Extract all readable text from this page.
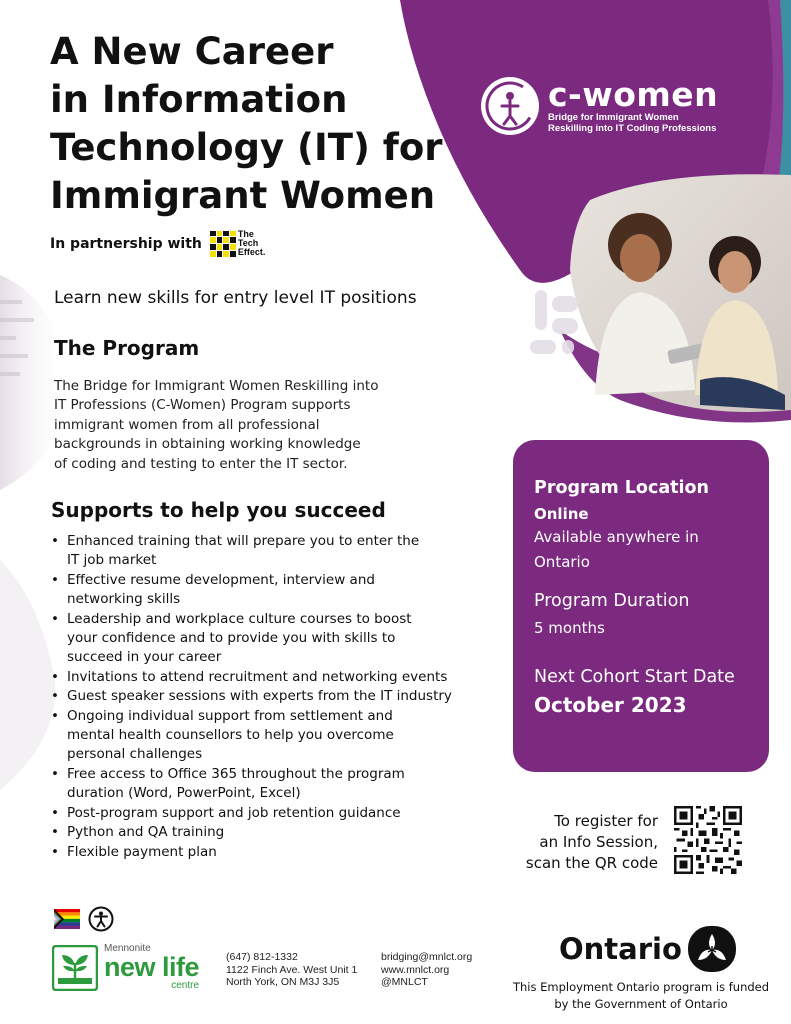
A New Career
in Information
Technology (IT) for
Immigrant Women
In partnership with
The
Tech
Effect.
Learn new skills for entry level IT positions
The Program
The Bridge for Immigrant Women Reskilling into
IT Professions (C-Women) Program supports
immigrant women from all professional
backgrounds in obtaining working knowledge
of coding and testing to enter the IT sector.
Supports to help you succeed
• Enhanced training that will prepare you to enter the
IT job market
• Effective resume development, interview and
networking skills
• Leadership and workplace culture courses to boost
your confidence and to provide you with skills to
succeed in your career
• Invitations to attend recruitment and networking events
• Guest speaker sessions with experts from the IT industry
• Ongoing individual support from settlement and
mental health counsellors to help you overcome
personal challenges
• Free access to Office 365 throughout the program
duration (Word, PowerPoint, Excel)
• Post-program support and job retention guidance
• Python and QA training
• Flexible payment plan
c-women
Bridge for Immigrant Women
Reskilling into IT Coding Professions
Program Location
Online
Available anywhere in
Ontario
Program Duration
5 months
Next Cohort Start Date
October 2023
To register for
an Info Session,
scan the QR code
Mennonite
new life
centre
(647) 812-1332
1122 Finch Ave. West Unit 1
North York, ON M3J 3J5
bridging@mnlct.org
www.mnlct.org
@MNLCT
Ontario
This Employment Ontario program is funded
by the Government of Ontario
